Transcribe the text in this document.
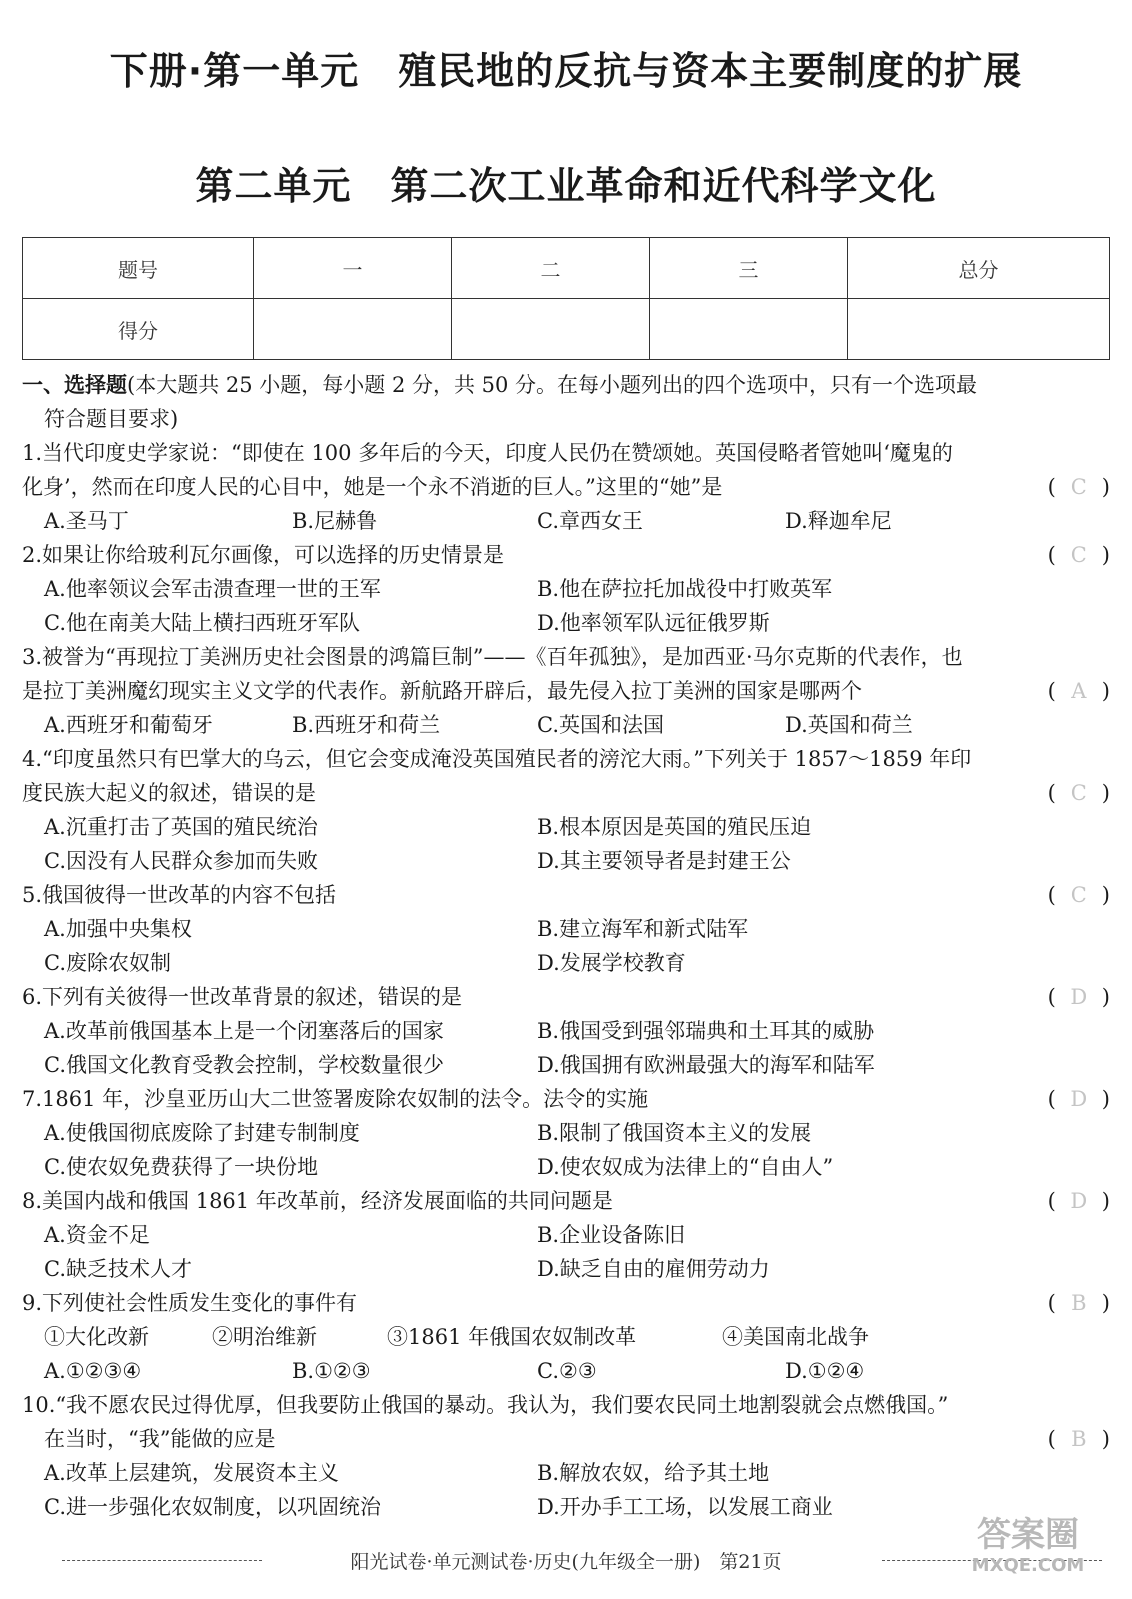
下册·第一单元　殖民地的反抗与资本主要制度的扩展
第二单元　第二次工业革命和近代科学文化
题号	一	二	三	总分
得分				
一、选择题(本大题共 25 小题，每小题 2 分，共 50 分。在每小题列出的四个选项中，只有一个选项最
符合题目要求)
1.当代印度史学家说：“即使在 100 多年后的今天，印度人民仍在赞颂她。英国侵略者管她叫‘魔鬼的
化身’，然而在印度人民的心目中，她是一个永不消逝的巨人。”这里的“她”是	( C )
A.圣马丁	B.尼赫鲁	C.章西女王	D.释迦牟尼
2.如果让你给玻利瓦尔画像，可以选择的历史情景是	( C )
A.他率领议会军击溃查理一世的王军	B.他在萨拉托加战役中打败英军
C.他在南美大陆上横扫西班牙军队	D.他率领军队远征俄罗斯
3.被誉为“再现拉丁美洲历史社会图景的鸿篇巨制”——《百年孤独》，是加西亚·马尔克斯的代表作，也
是拉丁美洲魔幻现实主义文学的代表作。新航路开辟后，最先侵入拉丁美洲的国家是哪两个	( A )
A.西班牙和葡萄牙	B.西班牙和荷兰	C.英国和法国	D.英国和荷兰
4.“印度虽然只有巴掌大的乌云，但它会变成淹没英国殖民者的滂沱大雨。”下列关于 1857～1859 年印
度民族大起义的叙述，错误的是	( C )
A.沉重打击了英国的殖民统治	B.根本原因是英国的殖民压迫
C.因没有人民群众参加而失败	D.其主要领导者是封建王公
5.俄国彼得一世改革的内容不包括	( C )
A.加强中央集权	B.建立海军和新式陆军
C.废除农奴制	D.发展学校教育
6.下列有关彼得一世改革背景的叙述，错误的是	( D )
A.改革前俄国基本上是一个闭塞落后的国家	B.俄国受到强邻瑞典和土耳其的威胁
C.俄国文化教育受教会控制，学校数量很少	D.俄国拥有欧洲最强大的海军和陆军
7.1861 年，沙皇亚历山大二世签署废除农奴制的法令。法令的实施	( D )
A.使俄国彻底废除了封建专制制度	B.限制了俄国资本主义的发展
C.使农奴免费获得了一块份地	D.使农奴成为法律上的“自由人”
8.美国内战和俄国 1861 年改革前，经济发展面临的共同问题是	( D )
A.资金不足	B.企业设备陈旧
C.缺乏技术人才	D.缺乏自由的雇佣劳动力
9.下列使社会性质发生变化的事件有	( B )
①大化改新	②明治维新	③1861 年俄国农奴制改革	④美国南北战争
A.①②③④	B.①②③	C.②③	D.①②④
10.“我不愿农民过得优厚，但我要防止俄国的暴动。我认为，我们要农民同土地割裂就会点燃俄国。”
在当时，“我”能做的应是	( B )
A.改革上层建筑，发展资本主义	B.解放农奴，给予其土地
C.进一步强化农奴制度，以巩固统治	D.开办手工工场，以发展工商业
阳光试卷·单元测试卷·历史(九年级全一册)　第21页
答案圈
MXQE.COM
